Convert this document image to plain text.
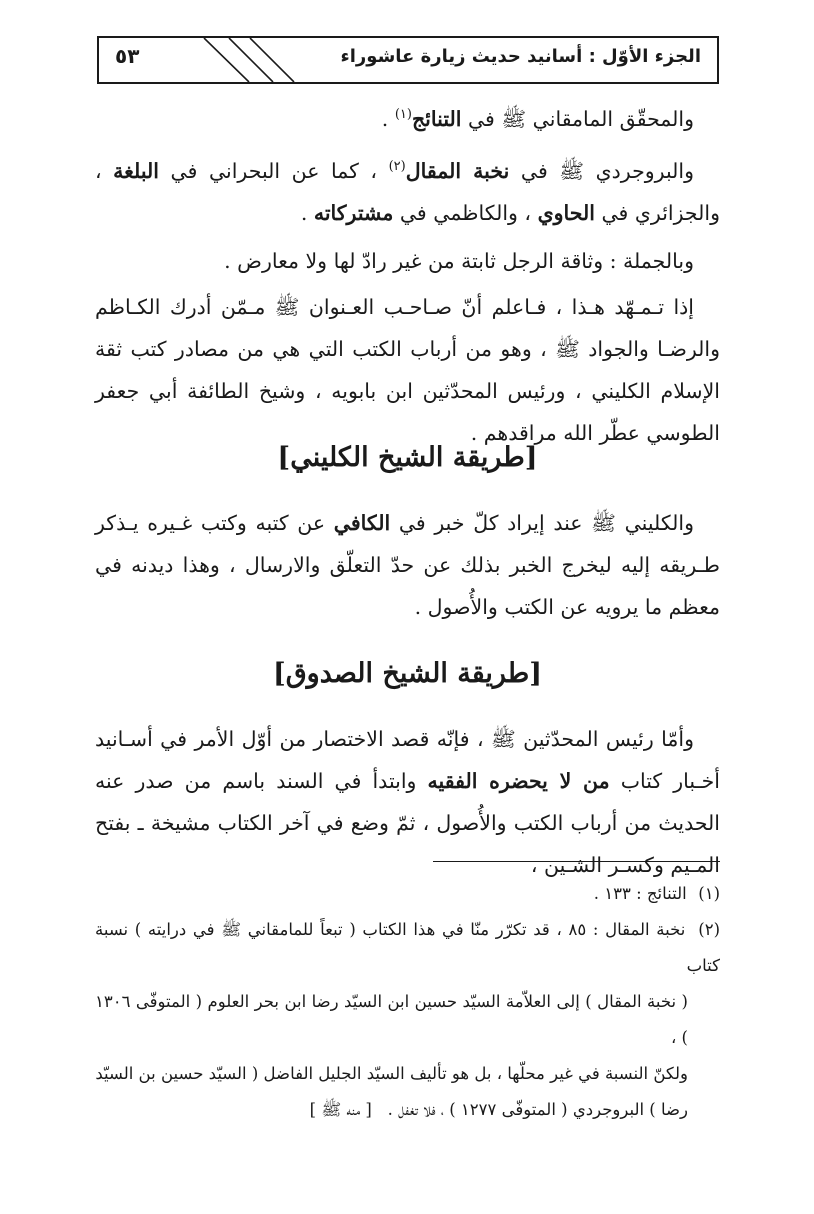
٥٣	الجزء الأوّل : أسانيد حديث زيارة عاشوراء
والمحقّق المامقاني ﷺ في التنائج$^{(١)}$ .
والبروجردي ﷺ في نخبة المقال$^{(٢)}$ ، كما عن البحراني في البلغة ، والجزائري في الحاوي ، والكاظمي في مشتركاته .
وبالجملة : وثاقة الرجل ثابتة من غير رادّ لها ولا معارض .
إذا تـمـهّد هـذا ، فـاعلم أنّ صـاحـب العـنوان ﷺ مـمّن أدرك الكـاظم والرضـا والجواد ﷺ ، وهو من أرباب الكتب التي هي من مصادر كتب ثقة الإسلام الكليني ، ورئيس المحدّثين ابن بابويه ، وشيخ الطائفة أبي جعفر الطوسي عطّر الله مراقدهم .
[طريقة الشيخ الكليني]
والكليني ﷺ عند إيراد كلّ خبر في الكافي عن كتبه وكتب غـيره يـذكر طـريقه إليه ليخرج الخبر بذلك عن حدّ التعلّق والارسال ، وهذا ديدنه في معظم ما يرويه عن الكتب والأُصول .
[طريقة الشيخ الصدوق]
وأمّا رئيس المحدّثين ﷺ ، فإنّه قصد الاختصار من أوّل الأمر في أسـانيد أخـبار كتاب من لا يحضره الفقيه وابتدأ في السند باسم من صدر عنه الحديث من أرباب الكتب والأُصول ، ثمّ وضع في آخر الكتاب مشيخة ـ بفتح المـيم وكسـر الشـين ،

(١) التنائج : ١٣٣ .

(٢) نخبة المقال : ٨٥ ، قد تكرّر منّا في هذا الكتاب ( تبعاً للمامقاني ﷺ في درايته ) نسبة كتاب

( نخبة المقال ) إلى العلاّمة السيّد حسين ابن السيّد رضا ابن بحر العلوم ( المتوفّى ١٣٠٦ ) ،

ولكنّ النسبة في غير محلّها ، بل هو تأليف السيّد الجليل الفاضل ( السيّد حسين بن السيّد

رضا ) البروجردي ( المتوفّى ١٢٧٧ ) ، فلا تغفل .   [ منه ﷺ ]
